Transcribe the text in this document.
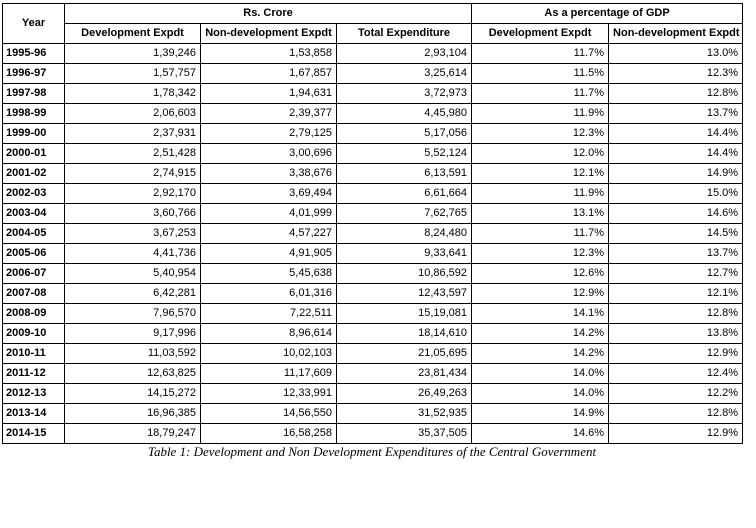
Year	Rs. Crore			As a percentage of GDP	
	Development Expdt	Non-development Expdt	Total Expenditure	Development Expdt	Non-development Expdt
1995-96	1,39,246	1,53,858	2,93,104	11.7%	13.0%
1996-97	1,57,757	1,67,857	3,25,614	11.5%	12.3%
1997-98	1,78,342	1,94,631	3,72,973	11.7%	12.8%
1998-99	2,06,603	2,39,377	4,45,980	11.9%	13.7%
1999-00	2,37,931	2,79,125	5,17,056	12.3%	14.4%
2000-01	2,51,428	3,00,696	5,52,124	12.0%	14.4%
2001-02	2,74,915	3,38,676	6,13,591	12.1%	14.9%
2002-03	2,92,170	3,69,494	6,61,664	11.9%	15.0%
2003-04	3,60,766	4,01,999	7,62,765	13.1%	14.6%
2004-05	3,67,253	4,57,227	8,24,480	11.7%	14.5%
2005-06	4,41,736	4,91,905	9,33,641	12.3%	13.7%
2006-07	5,40,954	5,45,638	10,86,592	12.6%	12.7%
2007-08	6,42,281	6,01,316	12,43,597	12.9%	12.1%
2008-09	7,96,570	7,22,511	15,19,081	14.1%	12.8%
2009-10	9,17,996	8,96,614	18,14,610	14.2%	13.8%
2010-11	11,03,592	10,02,103	21,05,695	14.2%	12.9%
2011-12	12,63,825	11,17,609	23,81,434	14.0%	12.4%
2012-13	14,15,272	12,33,991	26,49,263	14.0%	12.2%
2013-14	16,96,385	14,56,550	31,52,935	14.9%	12.8%
2014-15	18,79,247	16,58,258	35,37,505	14.6%	12.9%
Table 1: Development and Non Development Expenditures of the Central Government
